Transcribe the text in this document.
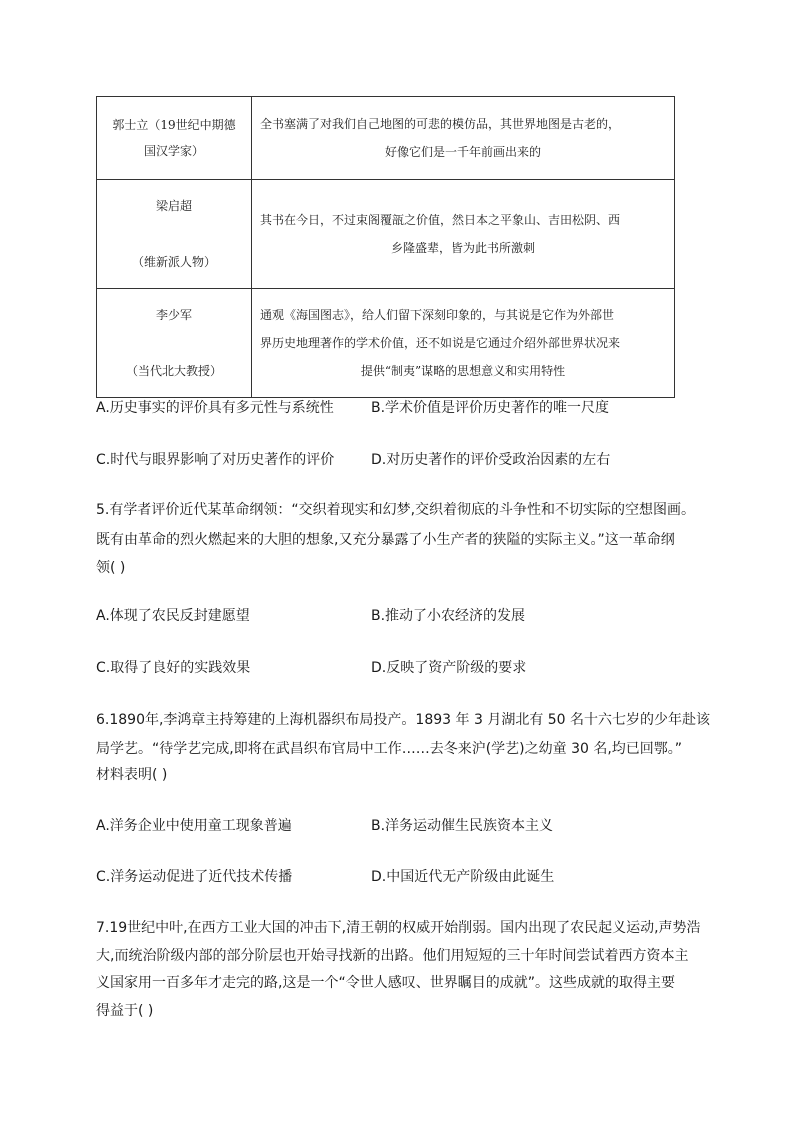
郭士立（19世纪中期德
国汉学家）	全书塞满了对我们自己地图的可悲的模仿品，其世界地图是古老的，
好像它们是一千年前画出来的

梁启超
（维新派人物）	其书在今日，不过束阁覆瓿之价值，然日本之平象山、吉田松阴、西
乡隆盛辈，皆为此书所激刺

李少军
（当代北大教授）	通观《海国图志》，给人们留下深刻印象的，与其说是它作为外部世
界历史地理著作的学术价值，还不如说是它通过介绍外部世界状况来
提供“制夷”谋略的思想意义和实用特性
A.历史事实的评价具有多元性与系统性	B.学术价值是评价历史著作的唯一尺度
C.时代与眼界影响了对历史著作的评价	D.对历史著作的评价受政治因素的左右
5.有学者评价近代某革命纲领：“交织着现实和幻梦,交织着彻底的斗争性和不切实际的空想图画。
既有由革命的烈火燃起来的大胆的想象,又充分暴露了小生产者的狭隘的实际主义。”这一革命纲
领( )
A.体现了农民反封建愿望	B.推动了小农经济的发展
C.取得了良好的实践效果	D.反映了资产阶级的要求
6.1890年,李鸿章主持筹建的上海机器织布局投产。1893 年 3 月湖北有 50 名十六七岁的少年赴该
局学艺。“待学艺完成,即将在武昌织布官局中工作……去冬来沪(学艺)之幼童 30 名,均已回鄂。”
材料表明( )
A.洋务企业中使用童工现象普遍	B.洋务运动催生民族资本主义
C.洋务运动促进了近代技术传播	D.中国近代无产阶级由此诞生
7.19世纪中叶,在西方工业大国的冲击下,清王朝的权威开始削弱。国内出现了农民起义运动,声势浩
大,而统治阶级内部的部分阶层也开始寻找新的出路。他们用短短的三十年时间尝试着西方资本主
义国家用一百多年才走完的路,这是一个“令世人感叹、世界瞩目的成就”。这些成就的取得主要
得益于( )
